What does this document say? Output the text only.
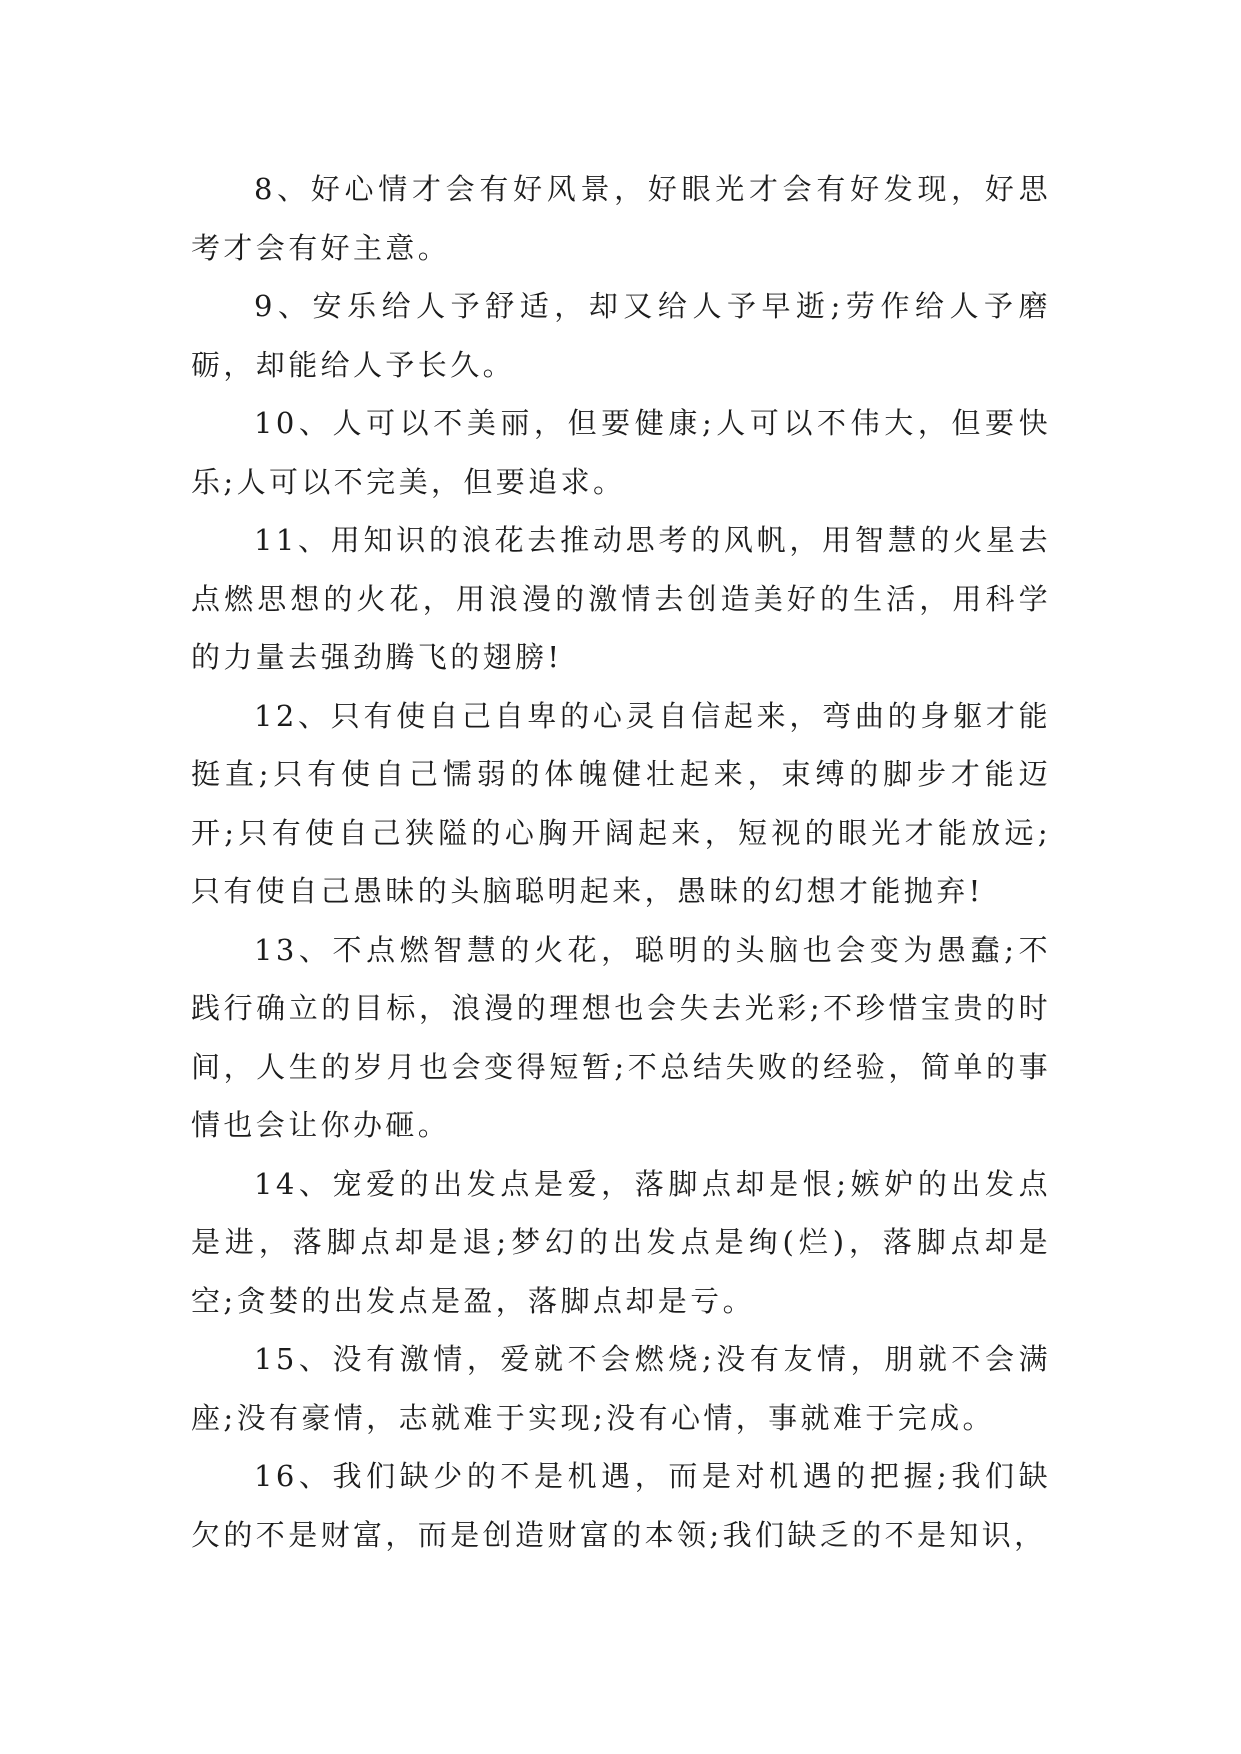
8、好心情才会有好风景，好眼光才会有好发现，好思考才会有好主意。

9、安乐给人予舒适，却又给人予早逝;劳作给人予磨砺，却能给人予长久。

10、人可以不美丽，但要健康;人可以不伟大，但要快乐;人可以不完美，但要追求。

11、用知识的浪花去推动思考的风帆，用智慧的火星去点燃思想的火花，用浪漫的激情去创造美好的生活，用科学的力量去强劲腾飞的翅膀!

12、只有使自己自卑的心灵自信起来，弯曲的身躯才能挺直;只有使自己懦弱的体魄健壮起来，束缚的脚步才能迈开;只有使自己狭隘的心胸开阔起来，短视的眼光才能放远;只有使自己愚昧的头脑聪明起来，愚昧的幻想才能抛弃!

13、不点燃智慧的火花，聪明的头脑也会变为愚蠢;不践行确立的目标，浪漫的理想也会失去光彩;不珍惜宝贵的时间，人生的岁月也会变得短暂;不总结失败的经验，简单的事情也会让你办砸。

14、宠爱的出发点是爱，落脚点却是恨;嫉妒的出发点是进，落脚点却是退;梦幻的出发点是绚(烂)，落脚点却是空;贪婪的出发点是盈，落脚点却是亏。

15、没有激情，爱就不会燃烧;没有友情，朋就不会满座;没有豪情，志就难于实现;没有心情，事就难于完成。

16、我们缺少的不是机遇，而是对机遇的把握;我们缺欠的不是财富，而是创造财富的本领;我们缺乏的不是知识，
